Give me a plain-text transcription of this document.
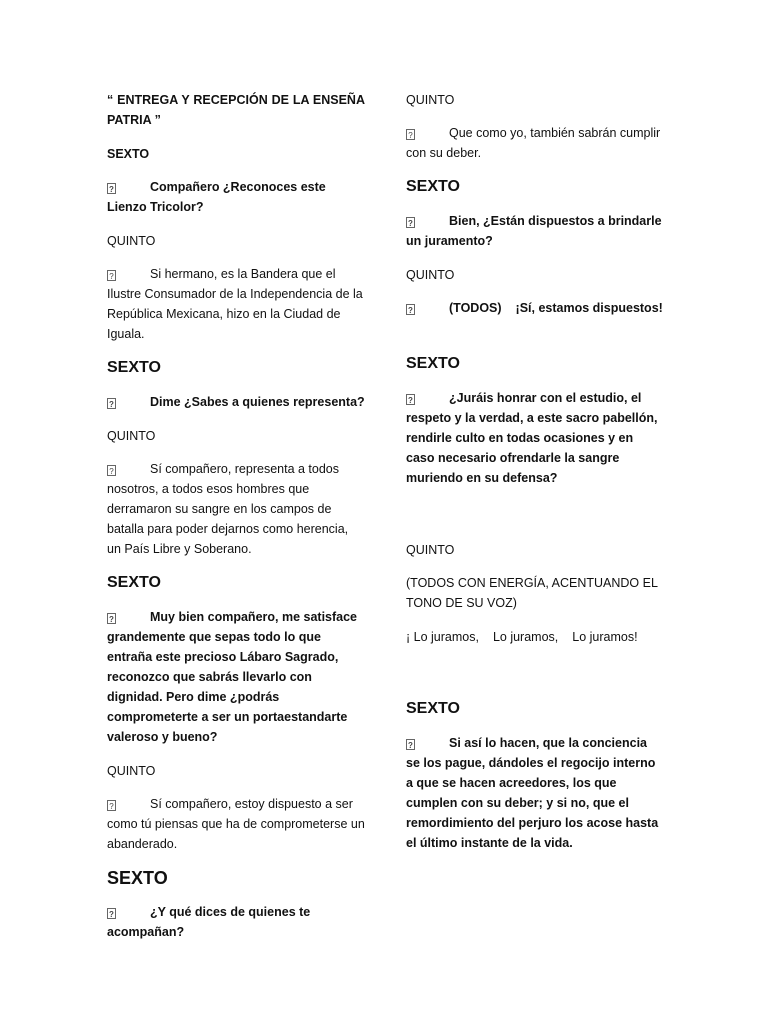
“ ENTREGA Y RECEPCIÓN DE LA ENSEÑA PATRIA ”
SEXTO
?	Compañero ¿Reconoces este Lienzo Tricolor?
QUINTO
?	Si hermano, es la Bandera que el Ilustre Consumador de la Independencia de la República Mexicana, hizo en la Ciudad de Iguala.
SEXTO
?	Dime ¿Sabes a quienes representa?
QUINTO
?	Sí compañero, representa a todos nosotros, a todos esos hombres que derramaron su sangre en los campos de batalla para poder dejarnos como herencia, un País Libre y Soberano.
SEXTO
?	Muy bien compañero, me satisface grandemente que sepas todo lo que entraña este precioso Lábaro Sagrado, reconozco que sabrás llevarlo con dignidad. Pero dime ¿podrás comprometerte a ser un portaestandarte valeroso y bueno?
QUINTO
?	Sí compañero, estoy dispuesto a ser como tú piensas que ha de comprometerse un abanderado.
SEXTO
?	¿Y qué dices de quienes te acompañan?
QUINTO
?	Que como yo, también sabrán cumplir con su deber.
SEXTO
?	Bien, ¿Están dispuestos a brindarle un juramento?
QUINTO
?	(TODOS) ¡Sí, estamos dispuestos!
SEXTO
?	¿Juráis honrar con el estudio, el respeto y la verdad, a este sacro pabellón, rendirle culto en todas ocasiones y en caso necesario ofrendarle la sangre muriendo en su defensa?
QUINTO
(TODOS CON ENERGÍA, ACENTUANDO EL TONO DE SU VOZ)
¡ Lo juramos, Lo juramos, Lo juramos!
SEXTO
?	Si así lo hacen, que la conciencia se los pague, dándoles el regocijo interno a que se hacen acreedores, los que cumplen con su deber; y si no, que el remordimiento del perjuro los acose hasta el último instante de la vida.
